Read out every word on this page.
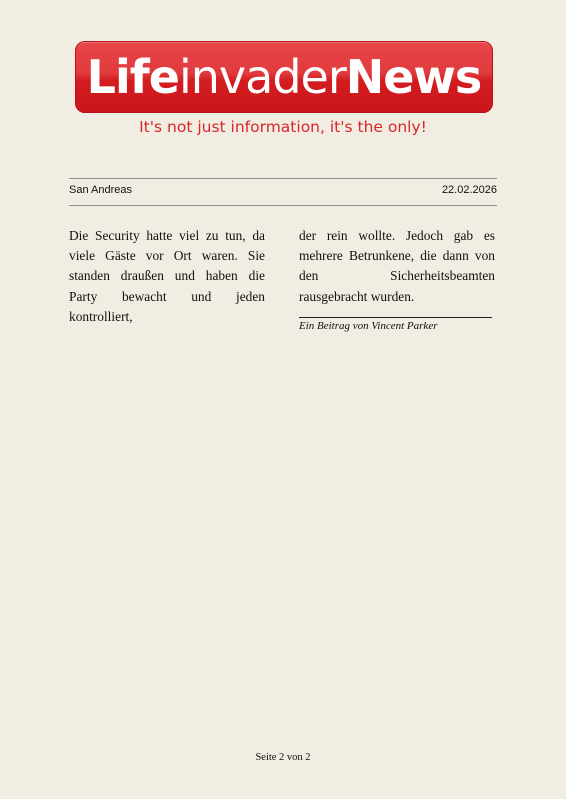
Life invader News
It's not just information, it's the only!
San Andreas	22.02.2026
Die Security hatte viel zu tun, da viele Gäste vor Ort waren. Sie standen draußen und haben die Party bewacht und jeden kontrolliert,
der rein wollte. Jedoch gab es mehrere Betrunkene, die dann von den Sicherheitsbeamten rausgebracht wurden.
Ein Beitrag von Vincent Parker
Seite 2 von 2
